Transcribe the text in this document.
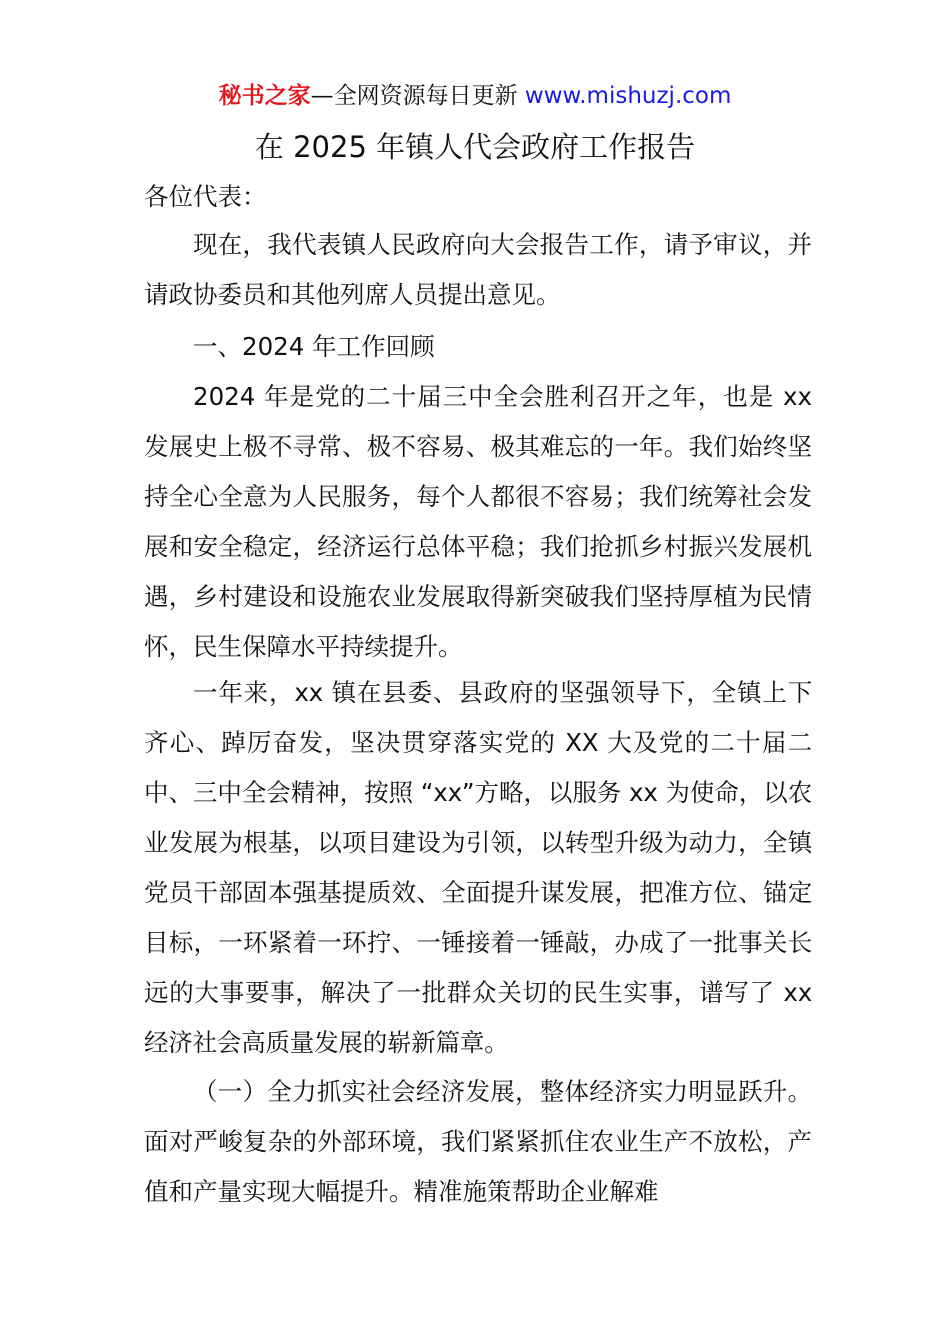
秘书之家—全网资源每日更新 www.mishuzj.com
在 2025 年镇人代会政府工作报告
各位代表：

现在，我代表镇人民政府向大会报告工作，请予审议，并请政协委员和其他列席人员提出意见。

一、2024 年工作回顾

2024 年是党的二十届三中全会胜利召开之年，也是 xx 发展史上极不寻常、极不容易、极其难忘的一年。我们始终坚持全心全意为人民服务，每个人都很不容易；我们统筹社会发展和安全稳定，经济运行总体平稳；我们抢抓乡村振兴发展机遇，乡村建设和设施农业发展取得新突破我们坚持厚植为民情怀，民生保障水平持续提升。

一年来，xx 镇在县委、县政府的坚强领导下，全镇上下齐心、踔厉奋发，坚决贯穿落实党的 XX 大及党的二十届二中、三中全会精神，按照 “xx”方略，以服务 xx 为使命，以农业发展为根基，以项目建设为引领，以转型升级为动力，全镇党员干部固本强基提质效、全面提升谋发展，把准方位、锚定目标，一环紧着一环拧、一锤接着一锤敲，办成了一批事关长远的大事要事，解决了一批群众关切的民生实事，谱写了 xx 经济社会高质量发展的崭新篇章。

（一）全力抓实社会经济发展，整体经济实力明显跃升。面对严峻复杂的外部环境，我们紧紧抓住农业生产不放松，产值和产量实现大幅提升。精准施策帮助企业解难
